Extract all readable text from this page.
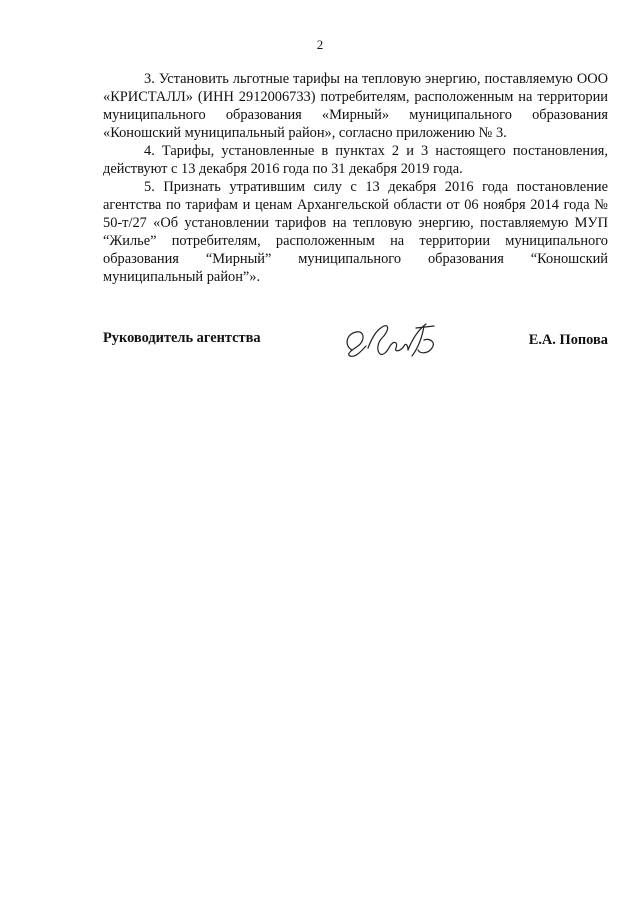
2

3. Установить льготные тарифы на тепловую энергию, поставляемую ООО «КРИСТАЛЛ» (ИНН 2912006733) потребителям, расположенным на территории муниципального образования «Мирный» муниципального образования «Коношский муниципальный район», согласно приложению № 3.

4. Тарифы, установленные в пунктах 2 и 3 настоящего постановления, действуют с 13 декабря 2016 года по 31 декабря 2019 года.

5. Признать утратившим силу с 13 декабря 2016 года постановление агентства по тарифам и ценам Архангельской области от 06 ноября 2014 года № 50-т/27 «Об установлении тарифов на тепловую энергию, поставляемую МУП “Жилье” потребителям, расположенным на территории муниципального образования “Мирный” муниципального образования “Коношский муниципальный район”».

Руководитель агентства	Е.А. Попова
